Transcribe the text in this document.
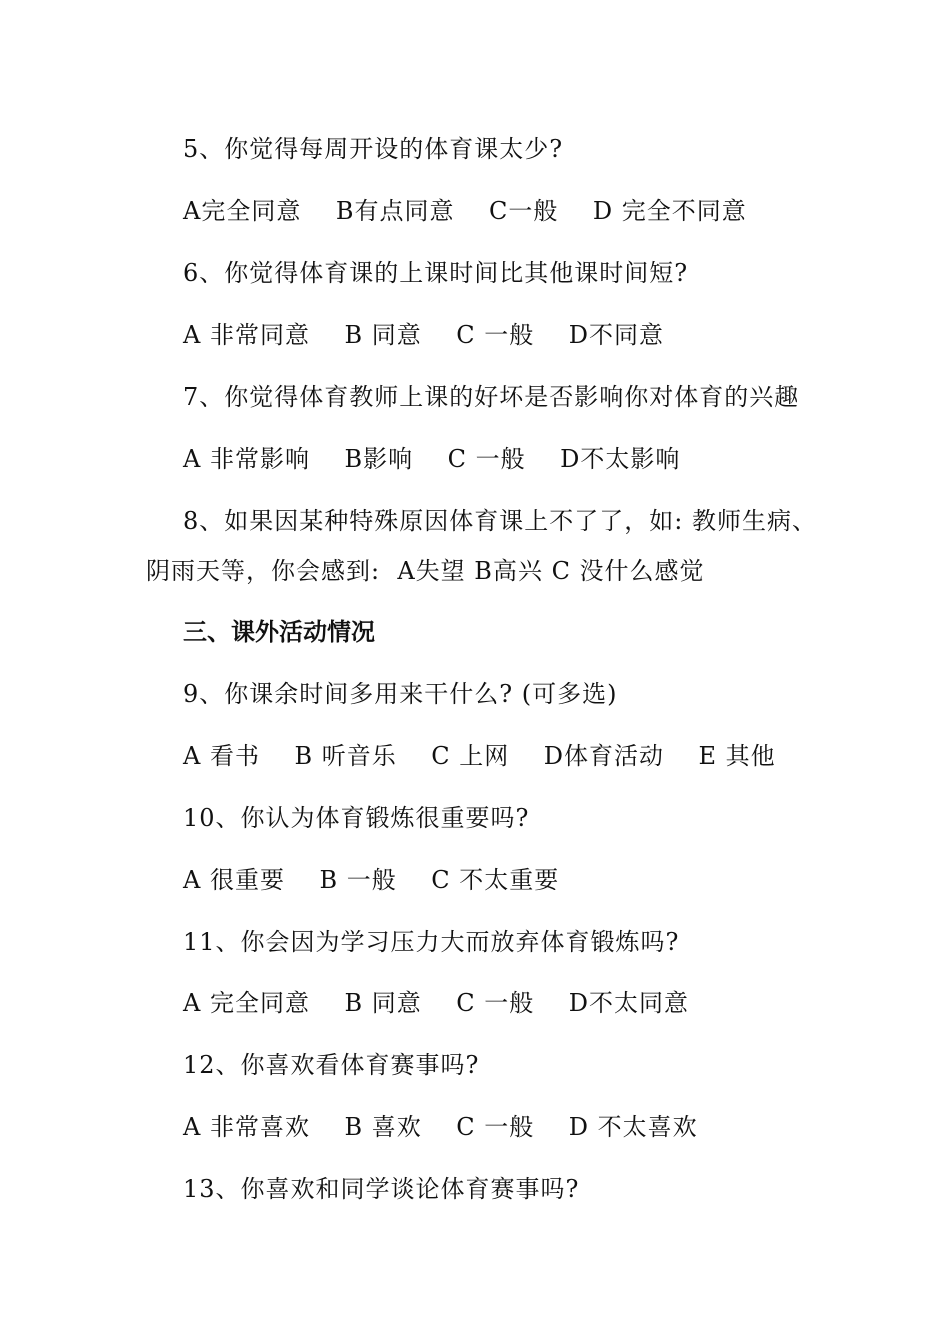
5、你觉得每周开设的体育课太少?
A完全同意    B有点同意    C一般    D 完全不同意
6、你觉得体育课的上课时间比其他课时间短?
A 非常同意    B 同意    C 一般    D不同意
7、你觉得体育教师上课的好坏是否影响你对体育的兴趣
A 非常影响    B影响    C 一般    D不太影响
8、如果因某种特殊原因体育课上不了了，如: 教师生病、
阴雨天等，你会感到:  A失望 B高兴 C 没什么感觉
三、课外活动情况
9、你课余时间多用来干什么? (可多选)
A 看书    B 听音乐    C 上网    D体育活动    E 其他
10、你认为体育锻炼很重要吗?
A 很重要    B 一般    C 不太重要
11、你会因为学习压力大而放弃体育锻炼吗?
A 完全同意    B 同意    C 一般    D不太同意
12、你喜欢看体育赛事吗?
A 非常喜欢    B 喜欢    C 一般    D 不太喜欢
13、你喜欢和同学谈论体育赛事吗?
